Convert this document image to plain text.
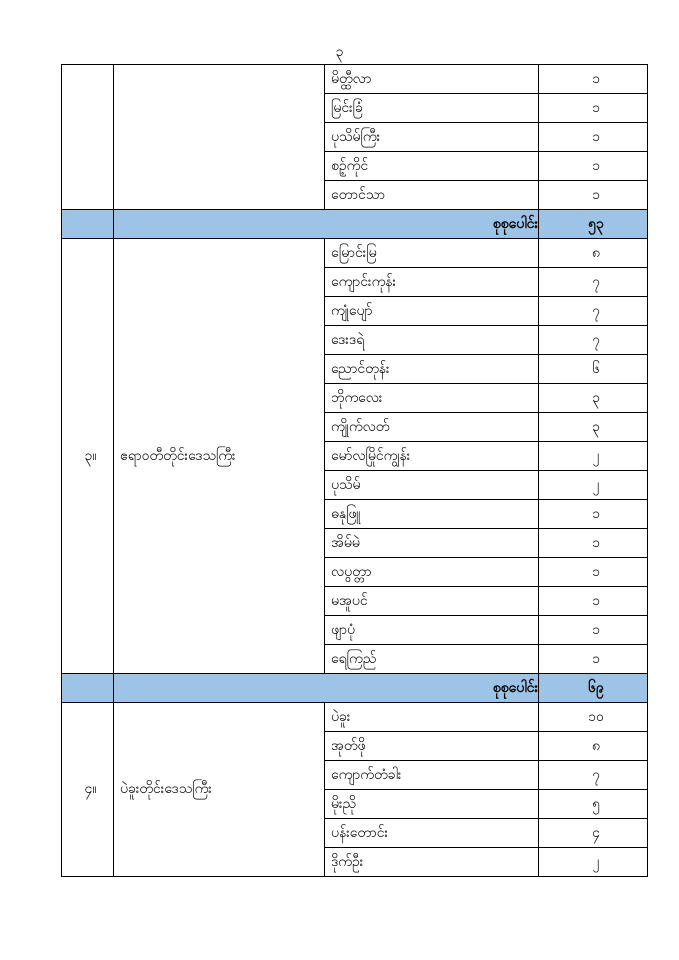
၃
		မိတ္ထီလာ	၁
		မြင်းခြံ	၁
		ပုသိမ်ကြီး	၁
		စဥ့်ကိုင်	၁
		တောင်သာ	၁
	စုစုပေါင်း		၅၃
၃။	ဧရာဝတီတိုင်းဒေသကြီး	မြောင်းမြ	၈
		ကျောင်းကုန်း	၇
		ကျုံပျော်	၇
		ဒေးဒရဲ	၇
		ညောင်တုန်း	၆
		ဘိုကလေး	၃
		ကျိုက်လတ်	၃
		မော်လမြိုင်ကျွန်း	၂
		ပုသိမ်	၂
		ဓနုဖြူ	၁
		အိမ်မဲ	၁
		လပွတ္တာ	၁
		မအူပင်	၁
		ဖျာပုံ	၁
		ရေကြည်	၁
	စုစုပေါင်း		၆၉
၄။	ပဲခူးတိုင်းဒေသကြီး	ပဲခူး	၁၀
		အုတ်ဖို	၈
		ကျောက်တံခါး	၇
		မိုးညို	၅
		ပန်းတောင်း	၄
		ဒိုက်ဦး	၂
